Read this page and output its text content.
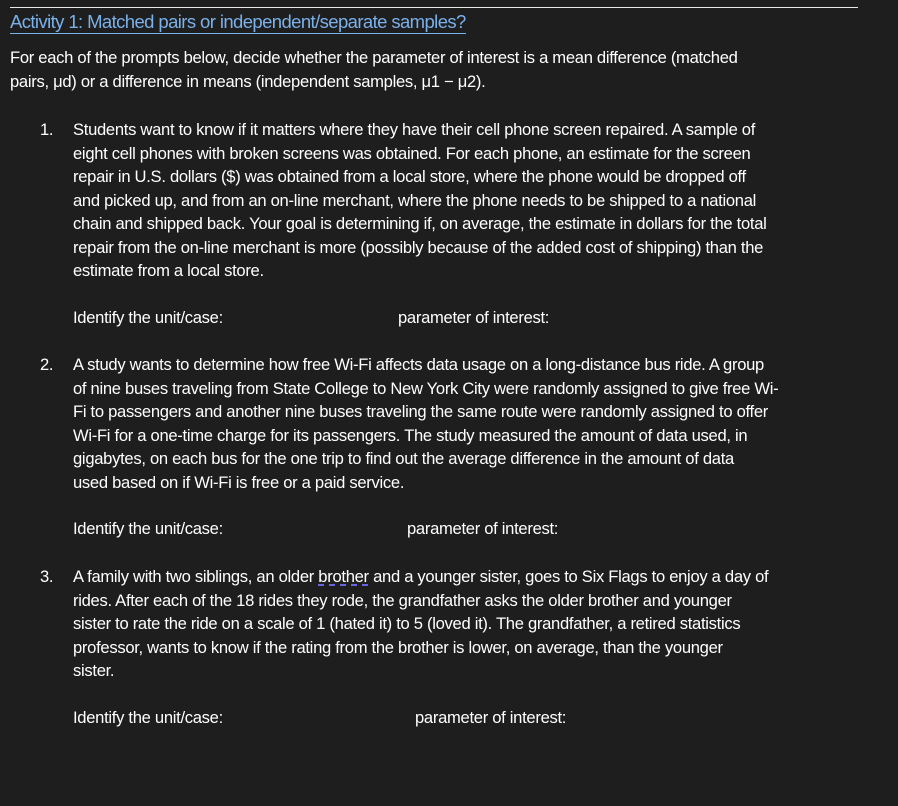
Activity 1: Matched pairs or independent/separate samples?
For each of the prompts below, decide whether the parameter of interest is a mean difference (matched
pairs, μd) or a difference in means (independent samples, μ1 − μ2).
1. Students want to know if it matters where they have their cell phone screen repaired. A sample of
eight cell phones with broken screens was obtained. For each phone, an estimate for the screen
repair in U.S. dollars ($) was obtained from a local store, where the phone would be dropped off
and picked up, and from an on-line merchant, where the phone needs to be shipped to a national
chain and shipped back. Your goal is determining if, on average, the estimate in dollars for the total
repair from the on-line merchant is more (possibly because of the added cost of shipping) than the
estimate from a local store.
Identify the unit/case:	parameter of interest:
2. A study wants to determine how free Wi-Fi affects data usage on a long-distance bus ride. A group
of nine buses traveling from State College to New York City were randomly assigned to give free Wi-
Fi to passengers and another nine buses traveling the same route were randomly assigned to offer
Wi-Fi for a one-time charge for its passengers. The study measured the amount of data used, in
gigabytes, on each bus for the one trip to find out the average difference in the amount of data
used based on if Wi-Fi is free or a paid service.
Identify the unit/case:	parameter of interest:
3. A family with two siblings, an older brother and a younger sister, goes to Six Flags to enjoy a day of
rides. After each of the 18 rides they rode, the grandfather asks the older brother and younger
sister to rate the ride on a scale of 1 (hated it) to 5 (loved it). The grandfather, a retired statistics
professor, wants to know if the rating from the brother is lower, on average, than the younger
sister.
Identify the unit/case:	parameter of interest:
